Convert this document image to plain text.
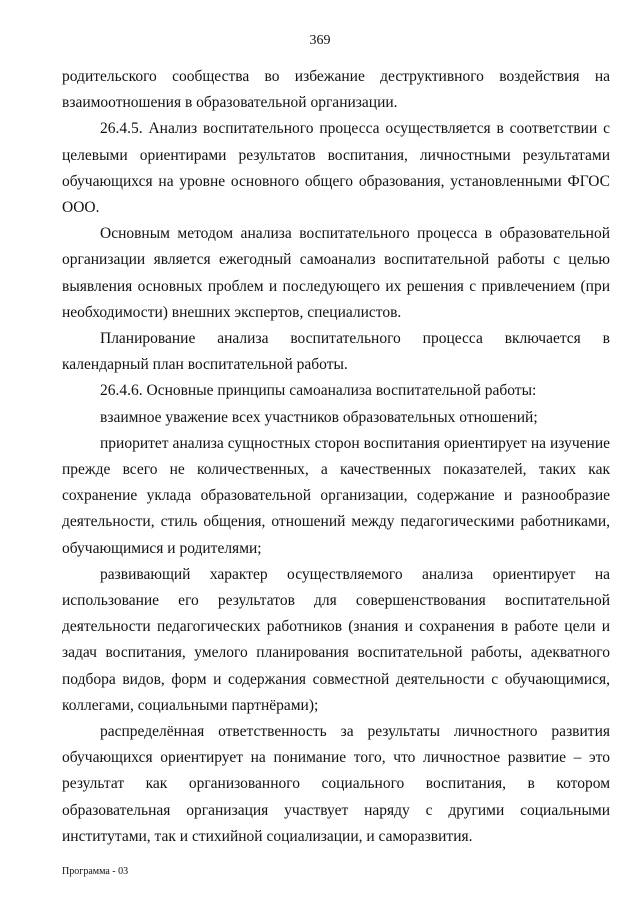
369

родительского сообщества во избежание деструктивного воздействия на взаимоотношения в образовательной организации.

26.4.5. Анализ воспитательного процесса осуществляется в соответствии с целевыми ориентирами результатов воспитания, личностными результатами обучающихся на уровне основного общего образования, установленными ФГОС ООО.

Основным методом анализа воспитательного процесса в образовательной организации является ежегодный самоанализ воспитательной работы с целью выявления основных проблем и последующего их решения с привлечением (при необходимости) внешних экспертов, специалистов.

Планирование анализа воспитательного процесса включается в календарный план воспитательной работы.

26.4.6. Основные принципы самоанализа воспитательной работы:

взаимное уважение всех участников образовательных отношений;

приоритет анализа сущностных сторон воспитания ориентирует на изучение прежде всего не количественных, а качественных показателей, таких как сохранение уклада образовательной организации, содержание и разнообразие деятельности, стиль общения, отношений между педагогическими работниками, обучающимися и родителями;

развивающий характер осуществляемого анализа ориентирует на использование его результатов для совершенствования воспитательной деятельности педагогических работников (знания и сохранения в работе цели и задач воспитания, умелого планирования воспитательной работы, адекватного подбора видов, форм и содержания совместной деятельности с обучающимися, коллегами, социальными партнёрами);

распределённая ответственность за результаты личностного развития обучающихся ориентирует на понимание того, что личностное развитие – это результат как организованного социального воспитания, в котором образовательная организация участвует наряду с другими социальными институтами, так и стихийной социализации, и саморазвития.

Программа - 03
